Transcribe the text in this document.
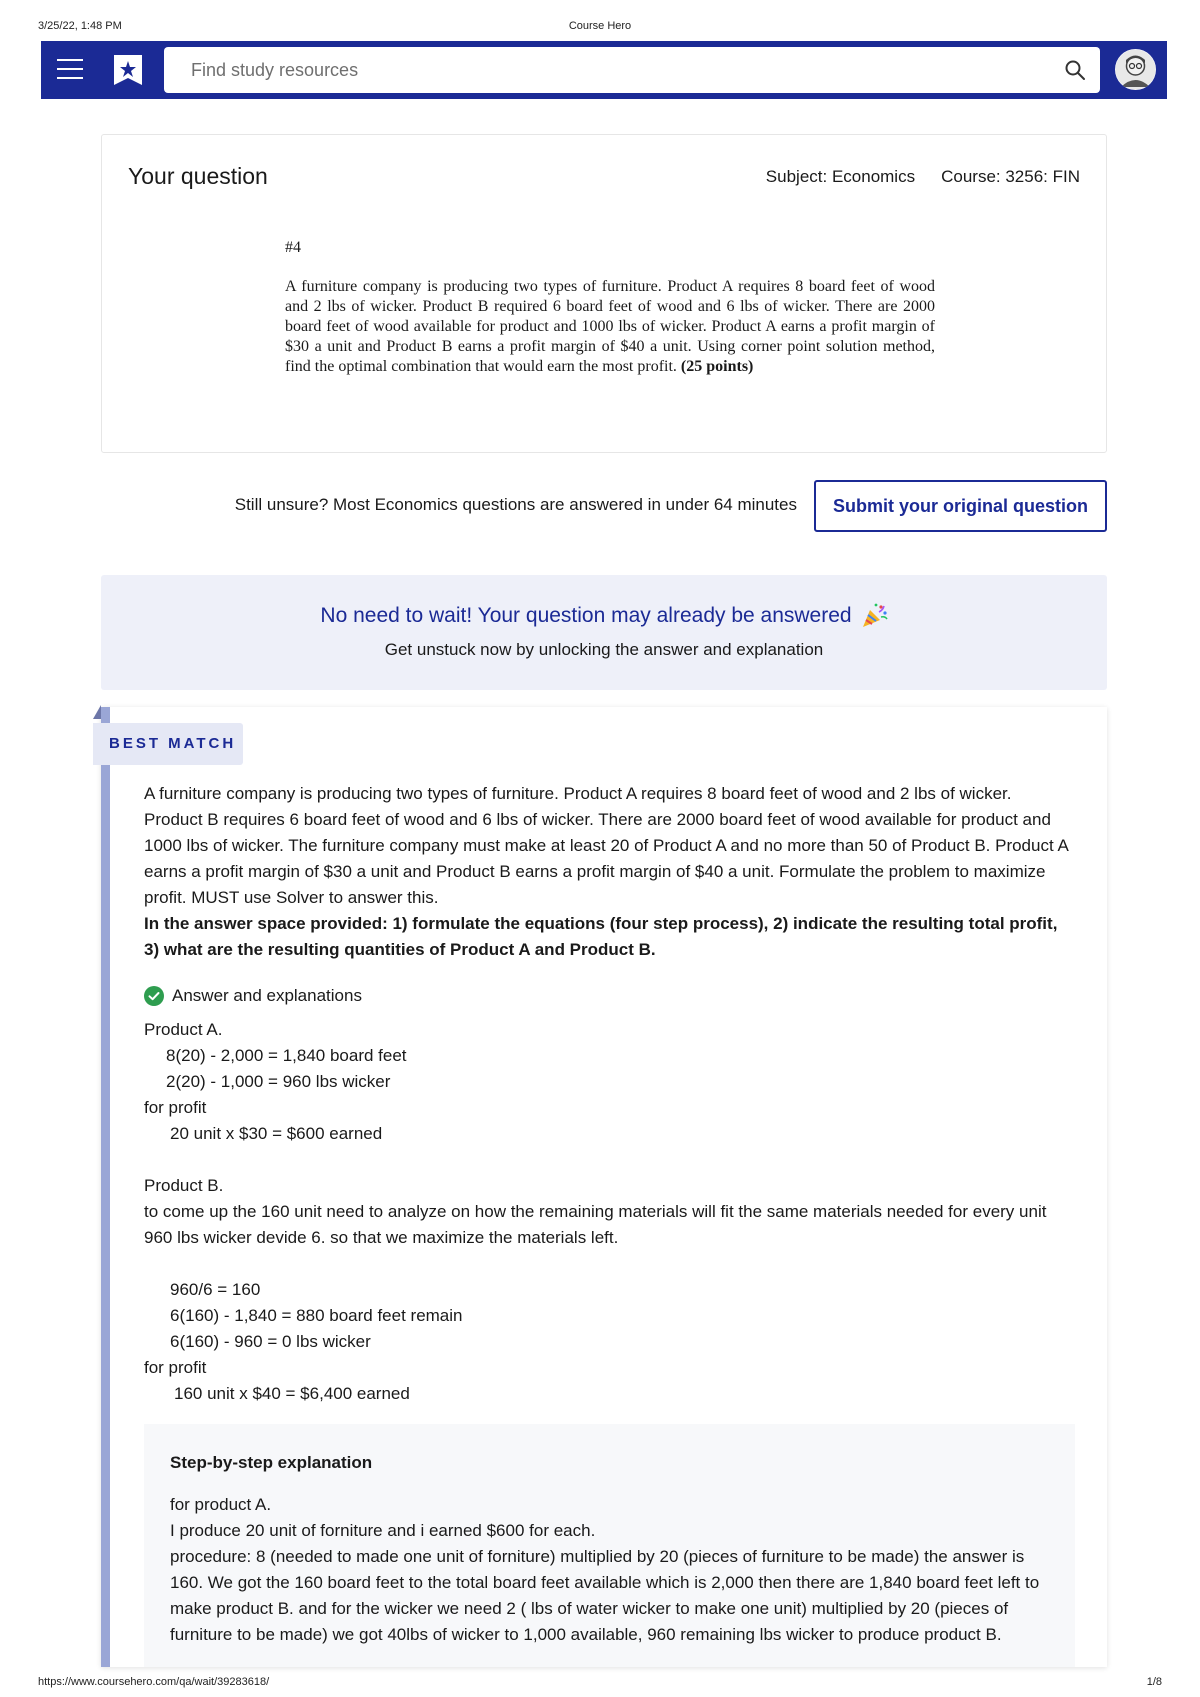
3/25/22, 1:48 PM	Course Hero
Find study resources
Your question	Subject: Economics Course: 3256: FIN
#4
A furniture company is producing two types of furniture. Product A requires 8 board feet of wood and 2 lbs of wicker. Product B required 6 board feet of wood and 6 lbs of wicker. There are 2000 board feet of wood available for product and 1000 lbs of wicker. Product A earns a profit margin of $30 a unit and Product B earns a profit margin of $40 a unit. Using corner point solution method, find the optimal combination that would earn the most profit. (25 points)
Still unsure? Most Economics questions are answered in under 64 minutes	Submit your original question
No need to wait! Your question may already be answered
Get unstuck now by unlocking the answer and explanation
BEST MATCH

A furniture company is producing two types of furniture. Product A requires 8 board feet of wood and 2 lbs of wicker. Product B requires 6 board feet of wood and 6 lbs of wicker. There are 2000 board feet of wood available for product and 1000 lbs of wicker. The furniture company must make at least 20 of Product A and no more than 50 of Product B. Product A earns a profit margin of $30 a unit and Product B earns a profit margin of $40 a unit. Formulate the problem to maximize profit. MUST use Solver to answer this.

In the answer space provided: 1) formulate the equations (four step process), 2) indicate the resulting total profit, 3) what are the resulting quantities of Product A and Product B.

Answer and explanations

Product A.

8(20) - 2,000 = 1,840 board feet

2(20) - 1,000 = 960 lbs wicker

for profit

20 unit x $30 = $600 earned

Product B.

to come up the 160 unit need to analyze on how the remaining materials will fit the same materials needed for every unit

960 lbs wicker devide 6. so that we maximize the materials left.

960/6 = 160

6(160) - 1,840 = 880 board feet remain

6(160) - 960 = 0 lbs wicker

for profit

160 unit x $40 = $6,400 earned

Step-by-step explanation

for product A.

I produce 20 unit of forniture and i earned $600 for each.

procedure: 8 (needed to made one unit of forniture) multiplied by 20 (pieces of furniture to be made) the answer is 160. We got the 160 board feet to the total board feet available which is 2,000 then there are 1,840 board feet left to make product B. and for the wicker we need 2 ( lbs of water wicker to make one unit) multiplied by 20 (pieces of furniture to be made) we got 40lbs of wicker to 1,000 available, 960 remaining lbs wicker to produce product B.

https://www.coursehero.com/qa/wait/39283618/	1/8
